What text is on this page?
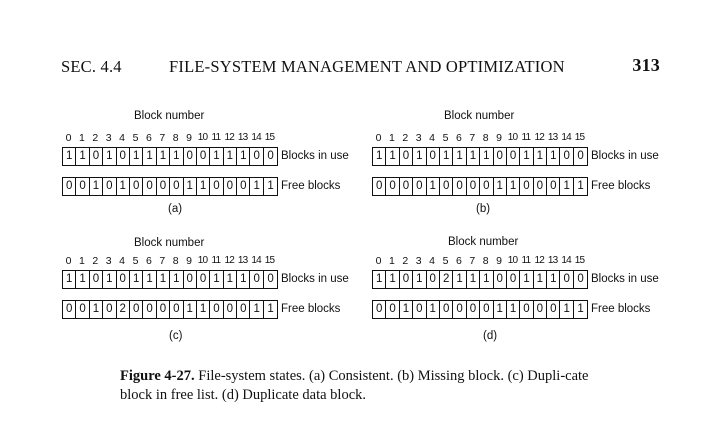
SEC. 4.4	FILE-SYSTEM MANAGEMENT AND OPTIMIZATION	313
Block number
0 1 2 3 4 5 6 7 8 9 10 11 12 13 14 15
1 1 0 1 0 1 1 1 1 0 0 1 1 1 0 0 Blocks in use
0 0 1 0 1 0 0 0 0 1 1 0 0 0 1 1 Free blocks
(a)
Block number
0 1 2 3 4 5 6 7 8 9 10 11 12 13 14 15
1 1 0 1 0 1 1 1 1 0 0 1 1 1 0 0 Blocks in use
0 0 0 0 1 0 0 0 0 1 1 0 0 0 1 1 Free blocks
(b)
Block number
0 1 2 3 4 5 6 7 8 9 10 11 12 13 14 15
1 1 0 1 0 1 1 1 1 0 0 1 1 1 0 0 Blocks in use
0 0 1 0 2 0 0 0 0 1 1 0 0 0 1 1 Free blocks
(c)
Block number
0 1 2 3 4 5 6 7 8 9 10 11 12 13 14 15
1 1 0 1 0 2 1 1 1 0 0 1 1 1 0 0 Blocks in use
0 0 1 0 1 0 0 0 0 1 1 0 0 0 1 1 Free blocks
(d)
Figure 4-27. File-system states. (a) Consistent. (b) Missing block. (c) Dupli-cate block in free list. (d) Duplicate data block.
